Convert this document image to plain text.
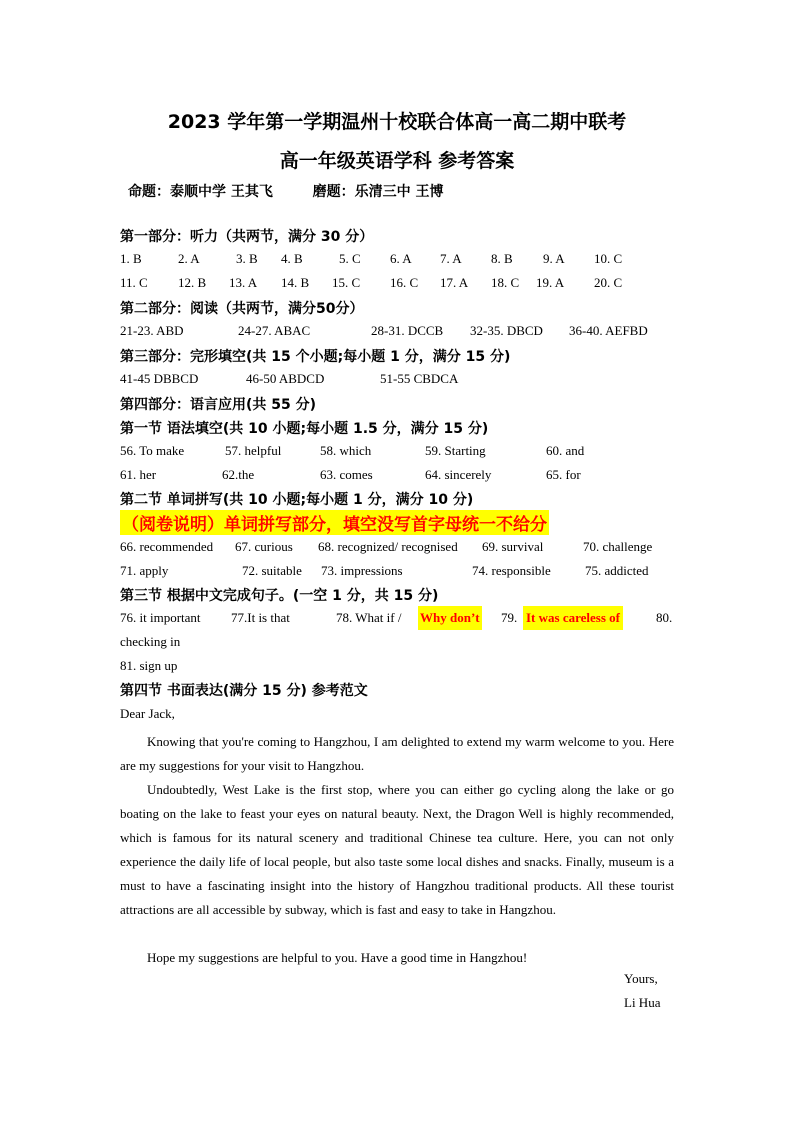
2023 学年第一学期温州十校联合体高一高二期中联考
高一年级英语学科 参考答案
命题：泰顺中学 王其飞	磨题：乐清三中 王博
第一部分：听力（共两节，满分 30 分）
1. B	2. A	3. B 4. B	5. C 6. A 7. A 8. B 9. A 10. C
11. C 12. B 13. A 14. B 15. C 16. C 17. A 18. C 19. A 20. C
第二部分：阅读（共两节，满分50分）
21-23. ABD	24-27. ABAC	28-31. DCCB 32-35. DBCD 36-40. AEFBD
第三部分：完形填空(共 15 个小题;每小题 1 分，满分 15 分)
41-45 DBBCD	46-50 ABDCD	51-55 CBDCA
第四部分：语言应用(共 55 分)
第一节 语法填空(共 10 小题;每小题 1.5 分，满分 15 分)
56. To make	57. helpful	58. which	59. Starting	60. and
61. her	62.the	63. comes	64. sincerely	65. for
第二节 单词拼写(共 10 小题;每小题 1 分，满分 10 分)
（阅卷说明）单词拼写部分，填空没写首字母统一不给分
66. recommended 67. curious 68. recognized/ recognised 69. survival	70. challenge
71. apply	72. suitable 73. impressions	74. responsible	75. addicted
第三节 根据中文完成句子。(一空 1 分，共 15 分)
76. it important 77.It is that	78. What if / Why don’t 79. It was careless of	80.
checking in
81. sign up
第四节 书面表达(满分 15 分) 参考范文
Dear Jack,
Knowing that you're coming to Hangzhou, I am delighted to extend my warm welcome to you. Here are my suggestions for your visit to Hangzhou.
Undoubtedly, West Lake is the first stop, where you can either go cycling along the lake or go boating on the lake to feast your eyes on natural beauty. Next, the Dragon Well is highly recommended, which is famous for its natural scenery and traditional Chinese tea culture. Here, you can not only experience the daily life of local people, but also taste some local dishes and snacks. Finally, museum is a must to have a fascinating insight into the history of Hangzhou traditional products. All these tourist attractions are all accessible by subway, which is fast and easy to take in Hangzhou.
Hope my suggestions are helpful to you. Have a good time in Hangzhou!
Yours,
Li Hua
